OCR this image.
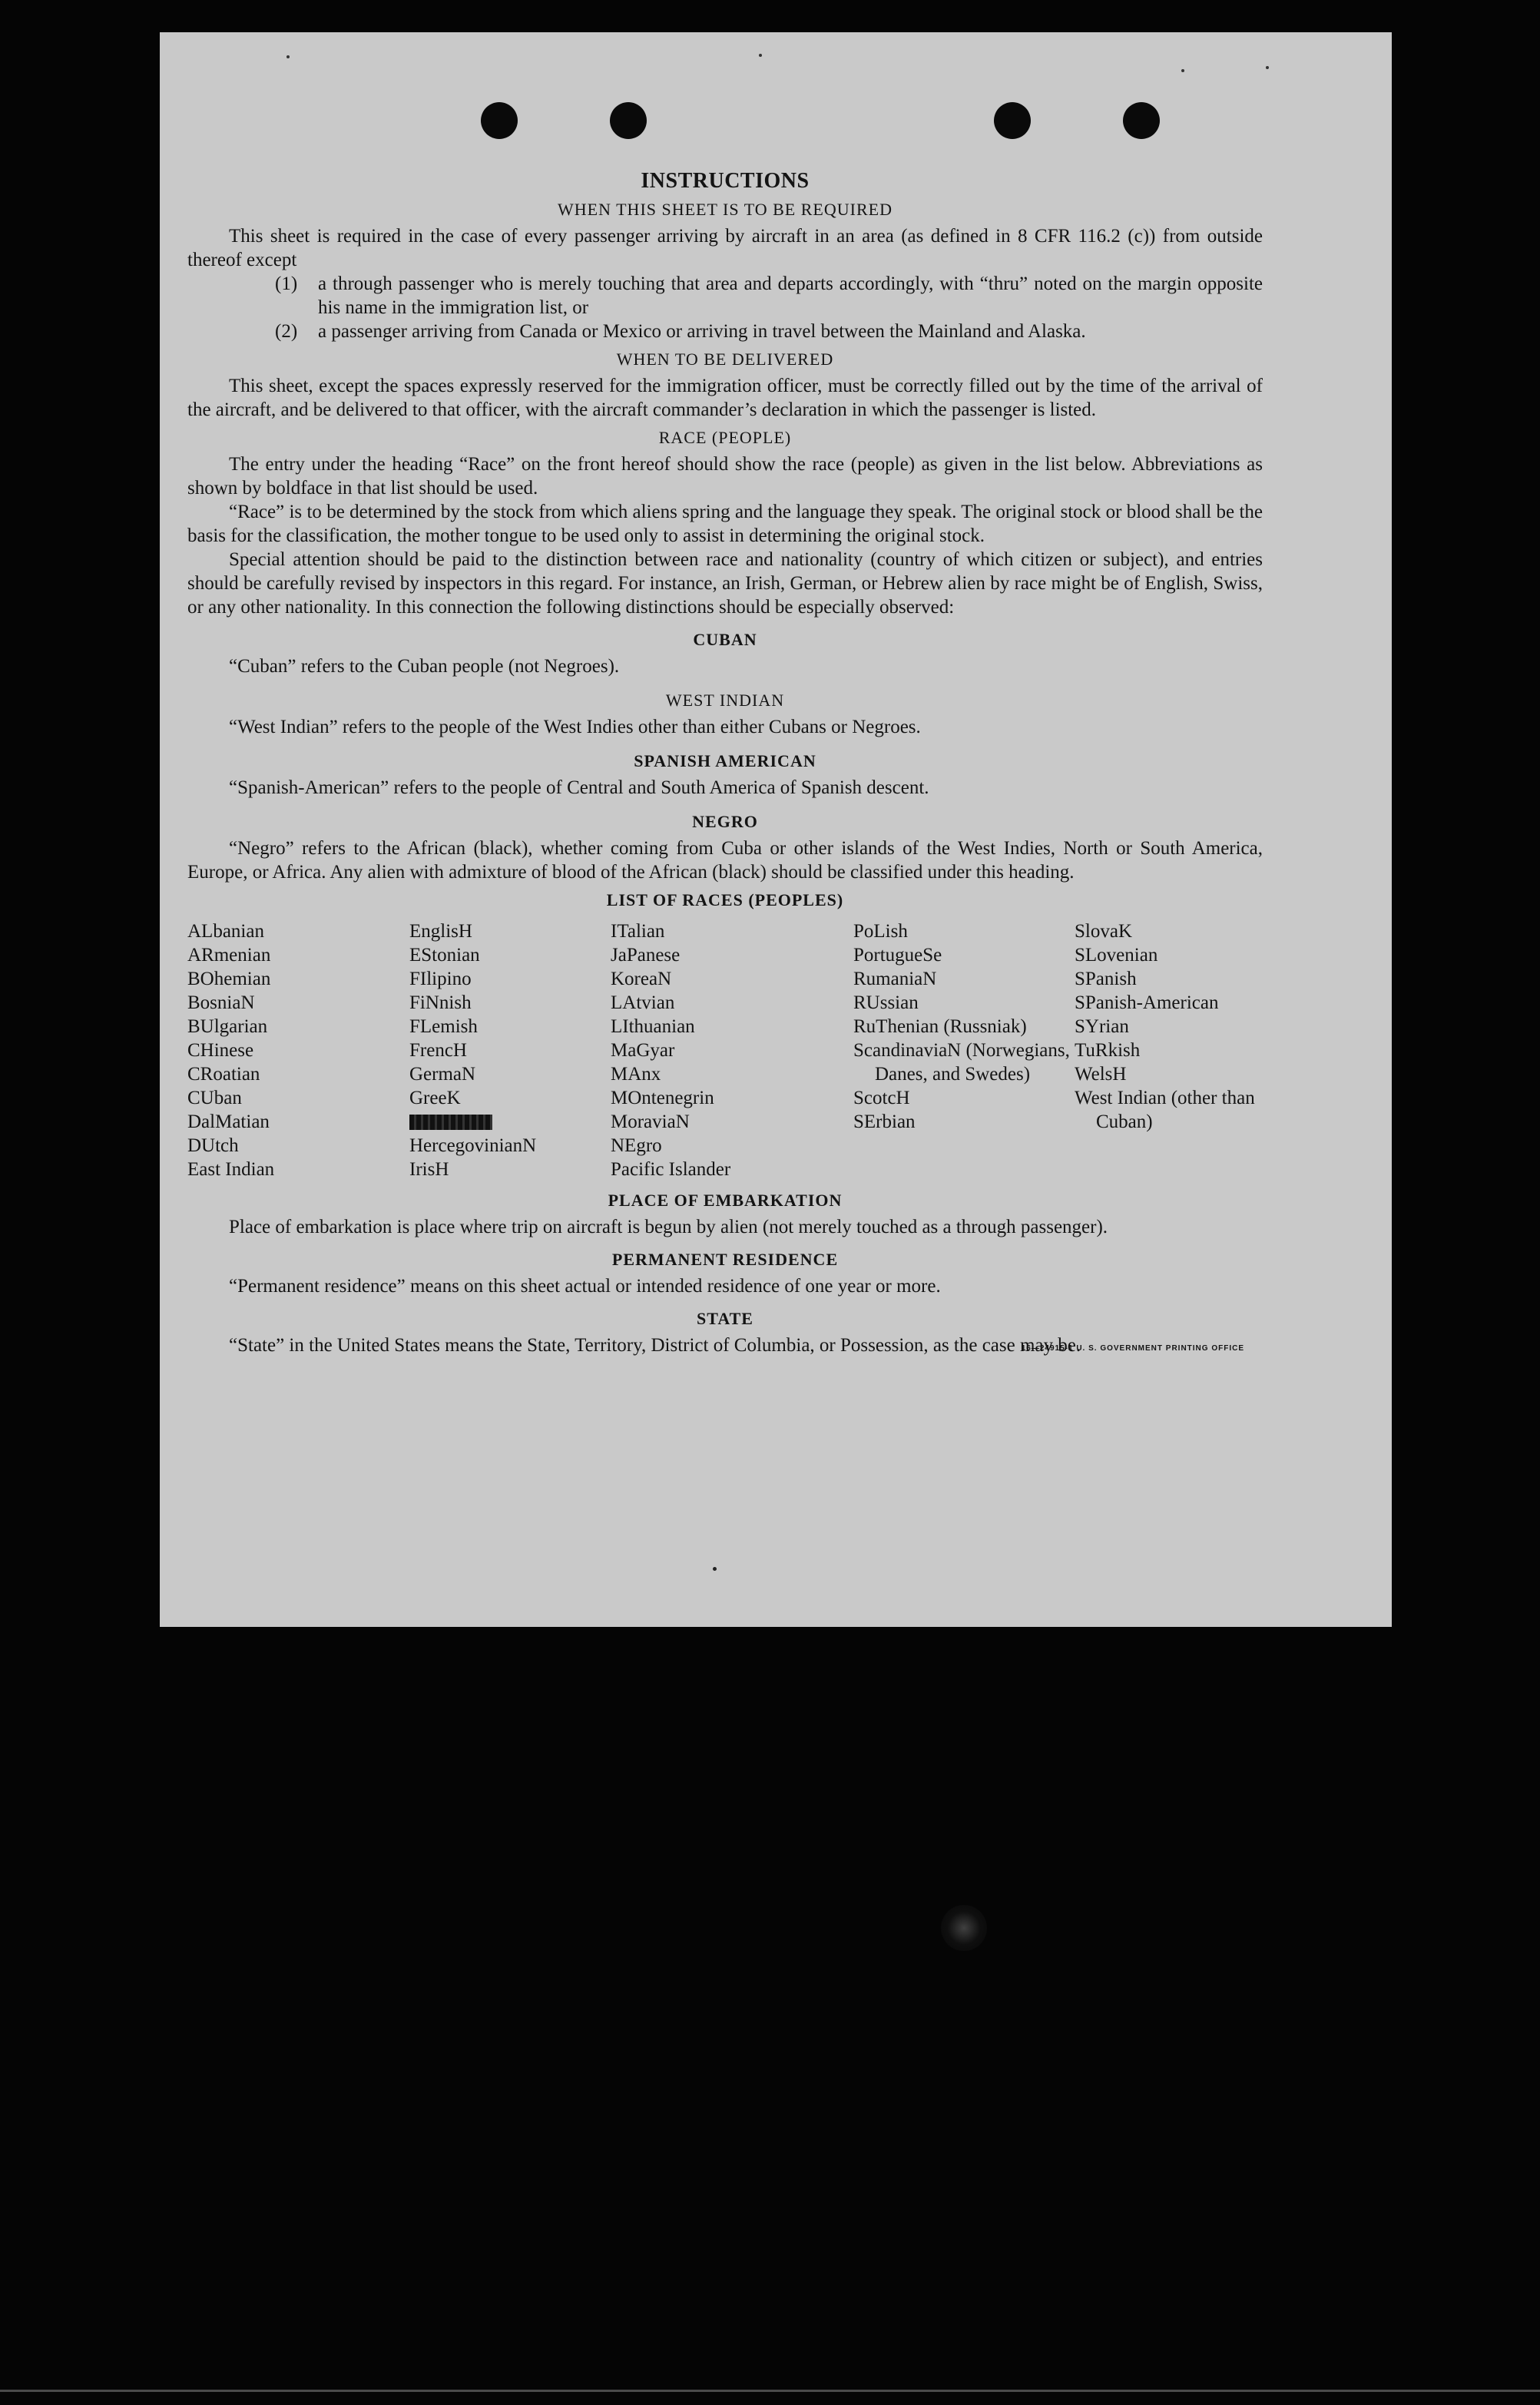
INSTRUCTIONS
WHEN THIS SHEET IS TO BE REQUIRED

This sheet is required in the case of every passenger arriving by aircraft in an area (as defined in 8 CFR 116.2 (c)) from outside thereof except

(1)	a through passenger who is merely touching that area and departs accordingly, with “thru” noted on the margin opposite his name in the immigration list, or
(2)	a passenger arriving from Canada or Mexico or arriving in travel between the Mainland and Alaska.
WHEN TO BE DELIVERED

This sheet, except the spaces expressly reserved for the immigration officer, must be correctly filled out by the time of the arrival of the aircraft, and be delivered to that officer, with the aircraft commander’s declaration in which the passenger is listed.

RACE (PEOPLE)

The entry under the heading “Race” on the front hereof should show the race (people) as given in the list below. Abbreviations as shown by boldface in that list should be used.

“Race” is to be determined by the stock from which aliens spring and the language they speak. The original stock or blood shall be the basis for the classification, the mother tongue to be used only to assist in determining the original stock.

Special attention should be paid to the distinction between race and nationality (country of which citizen or subject), and entries should be carefully revised by inspectors in this regard. For instance, an Irish, German, or Hebrew alien by race might be of English, Swiss, or any other nationality. In this connection the following distinctions should be especially observed:

CUBAN

“Cuban” refers to the Cuban people (not Negroes).

WEST INDIAN

“West Indian” refers to the people of the West Indies other than either Cubans or Negroes.

SPANISH AMERICAN

“Spanish-American” refers to the people of Central and South America of Spanish descent.

NEGRO

“Negro” refers to the African (black), whether coming from Cuba or other islands of the West Indies, North or South America, Europe, or Africa. Any alien with admixture of blood of the African (black) should be classified under this heading.

LIST OF RACES (PEOPLES)
ALbanian
ARmenian
BOhemian
BosniaN
BUlgarian
CHinese
CRoatian
CUban
DalMatian
DUtch
East Indian
EnglisH
EStonian
FIlipino
FiNnish
FLemish
FrencH
GermaN
GreeK
HercegovinianN
IrisH
ITalian
JaPanese
KoreaN
LAtvian
LIthuanian
MaGyar
MAnx
MOntenegrin
MoraviaN
NEgro
Pacific Islander
PoLish
PortugueSe
RumaniaN
RUssian
RuThenian (Russniak)
ScandinaviaN (Norwegians, Danes, and Swedes)
ScotcH
SErbian
SlovaK
SLovenian
SPanish
SPanish-American
SYrian
TuRkish
WelsH
West Indian (other than Cuban)
PLACE OF EMBARKATION

Place of embarkation is place where trip on aircraft is begun by alien (not merely touched as a through passenger).

PERMANENT RESIDENCE

“Permanent residence” means on this sheet actual or intended residence of one year or more.

STATE

“State” in the United States means the State, Territory, District of Columbia, or Possession, as the case may be.

16—24915-1 U. S. GOVERNMENT PRINTING OFFICE
